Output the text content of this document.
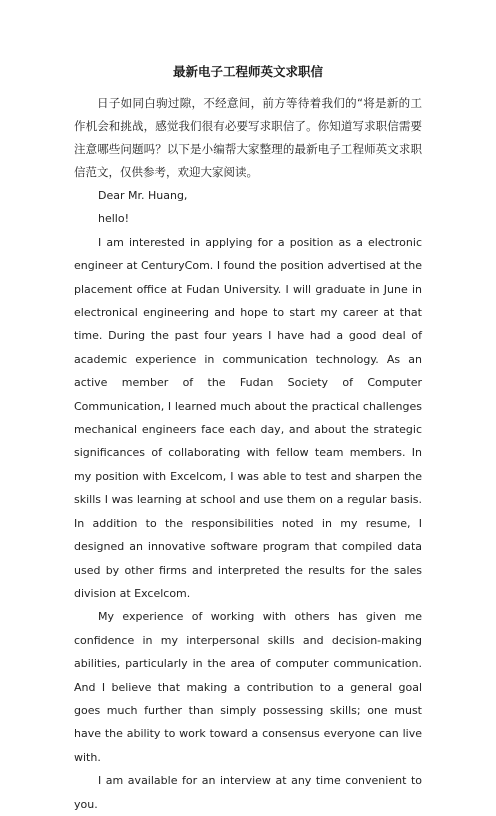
最新电子工程师英文求职信

日子如同白驹过隙，不经意间，前方等待着我们的“将是新的工作机会和挑战，感觉我们很有必要写求职信了。你知道写求职信需要注意哪些问题吗？以下是小编帮大家整理的最新电子工程师英文求职信范文，仅供参考，欢迎大家阅读。

Dear Mr. Huang,

hello!

I am interested in applying for a position as a electronic engineer at CenturyCom. I found the position advertised at the placement office at Fudan University. I will graduate in June in electronical engineering and hope to start my career at that time. During the past four years I have had a good deal of academic experience in communication technology. As an active member of the Fudan Society of Computer Communication, I learned much about the practical challenges mechanical engineers face each day, and about the strategic significances of collaborating with fellow team members. In my position with Excelcom, I was able to test and sharpen the skills I was learning at school and use them on a regular basis. In addition to the responsibilities noted in my resume, I designed an innovative software program that compiled data used by other firms and interpreted the results for the sales division at Excelcom.

My experience of working with others has given me confidence in my interpersonal skills and decision-making abilities, particularly in the area of computer communication. And I believe that making a contribution to a general goal goes much further than simply possessing skills; one must have the ability to work toward a consensus everyone can live with.

I am available for an interview at any time convenient to you.
